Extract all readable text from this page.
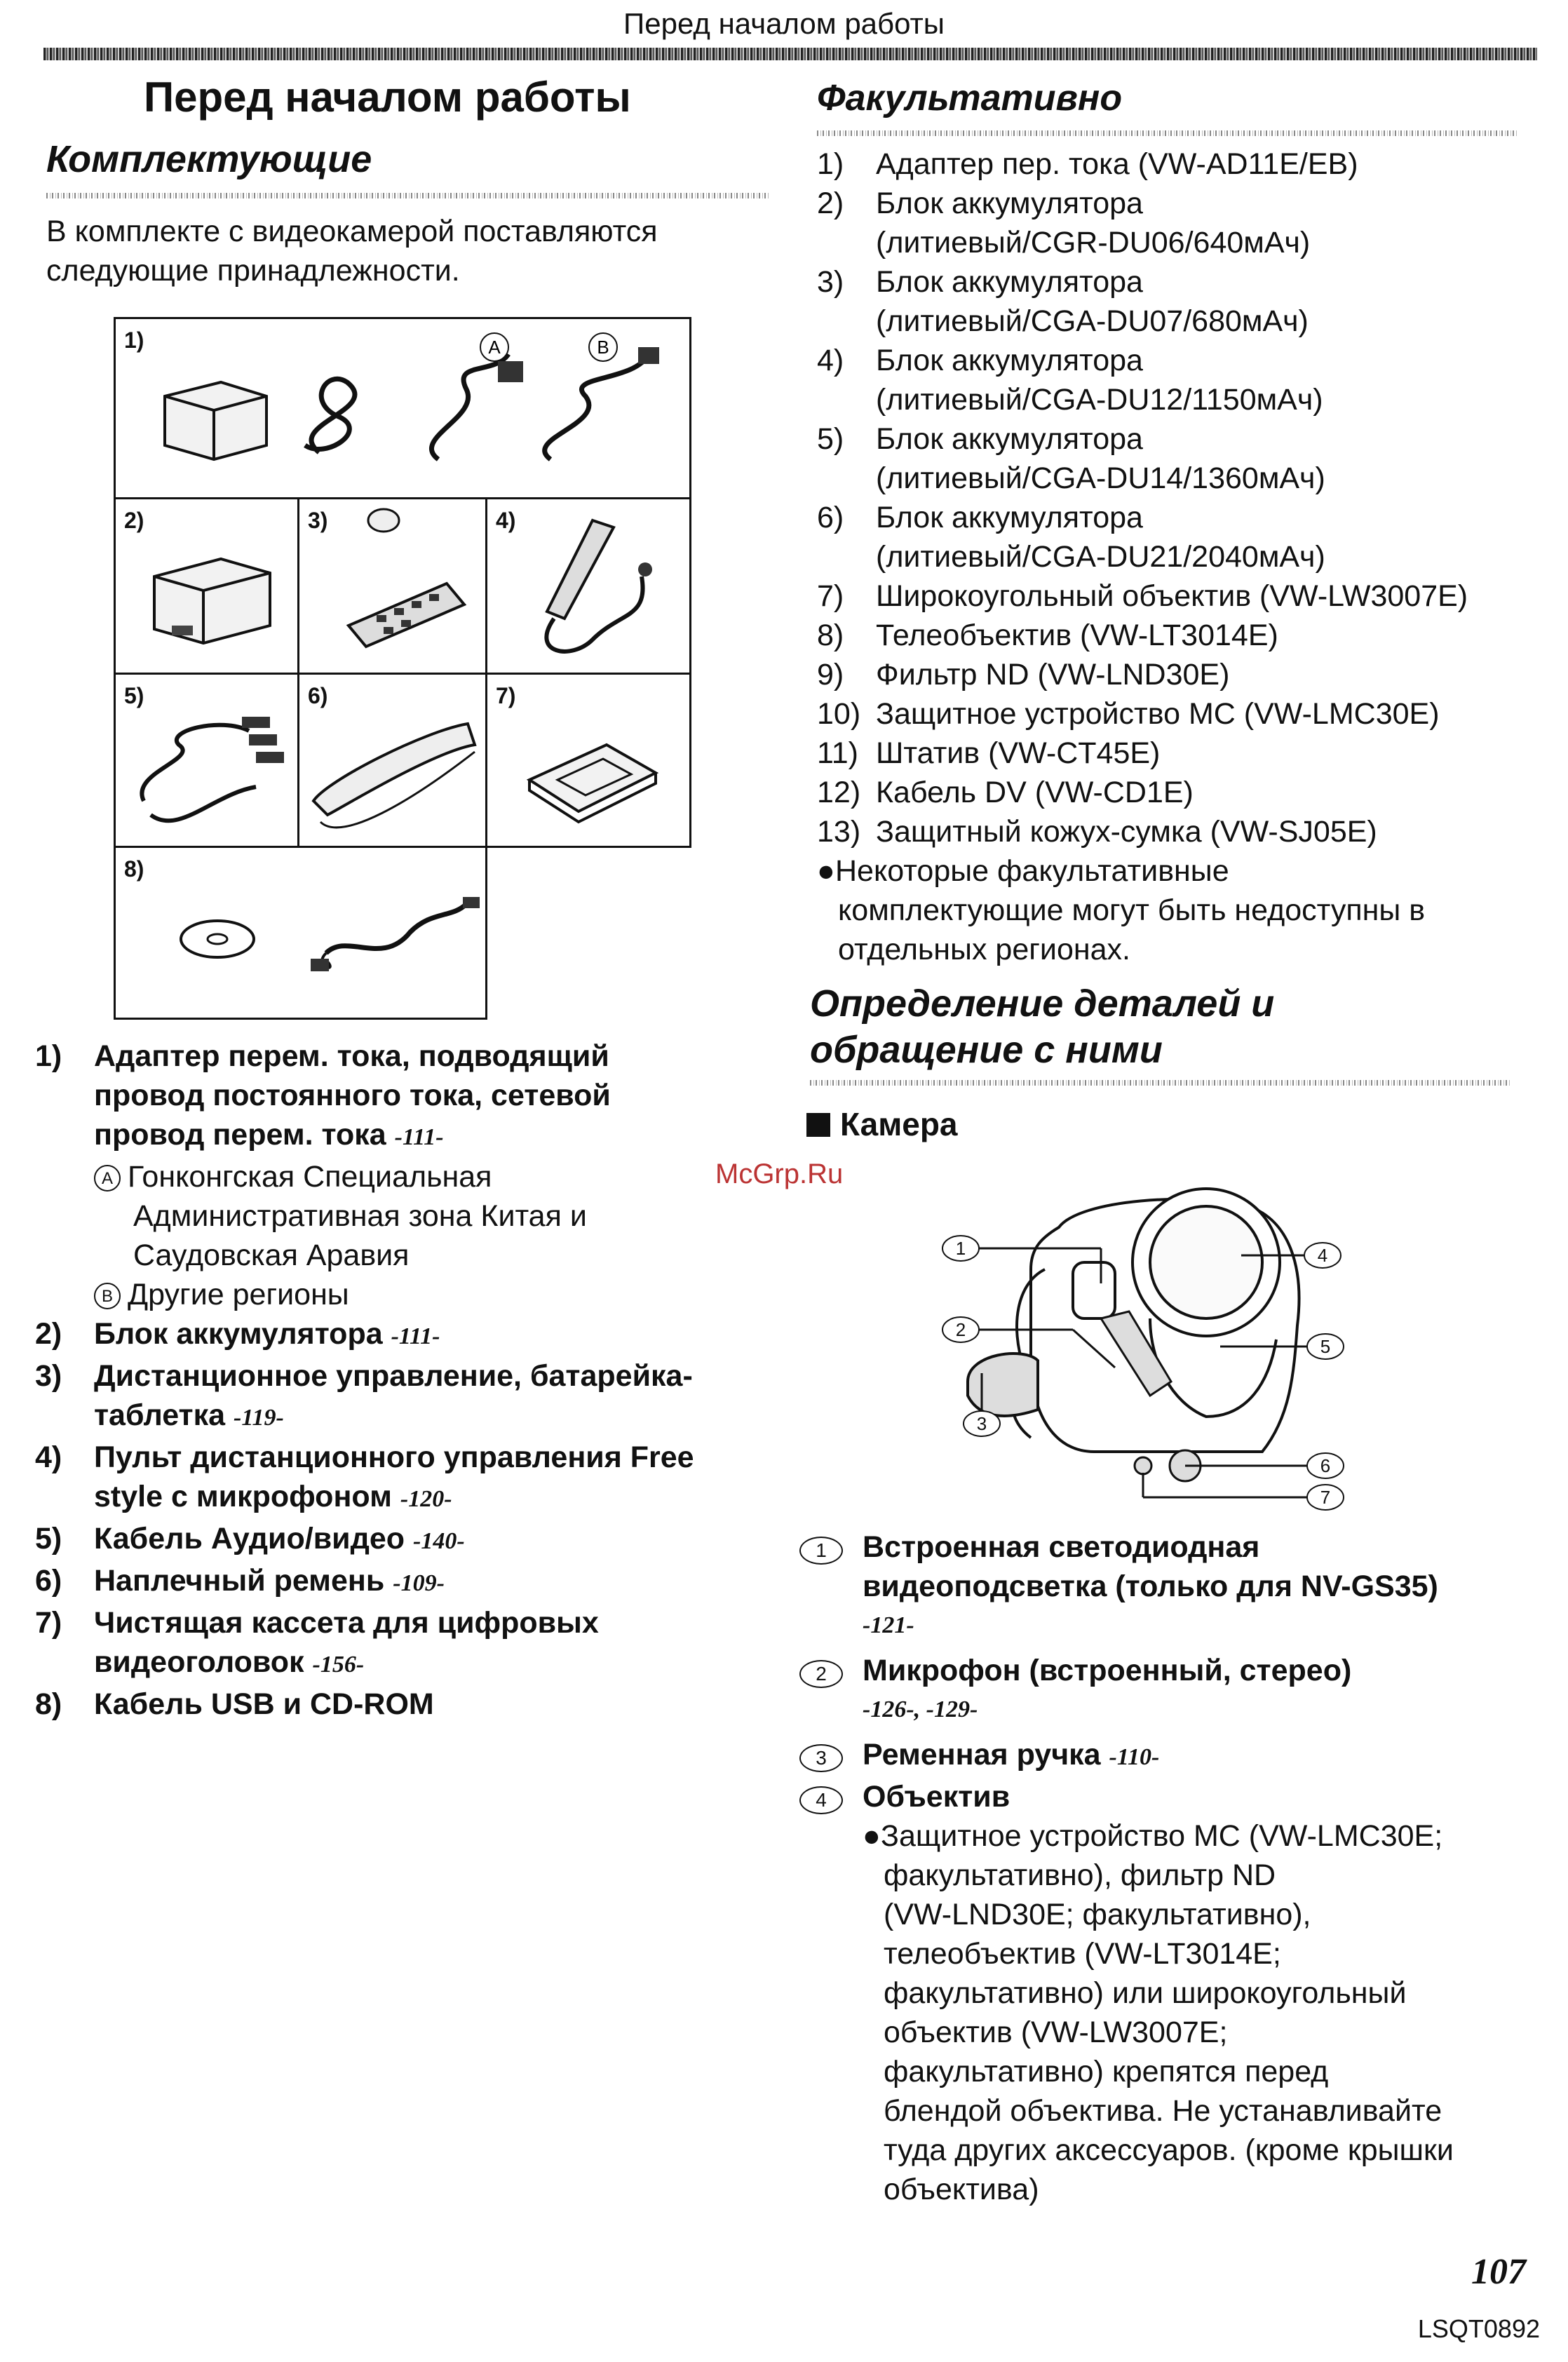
Перед началом работы
Перед началом работы
Комплектующие
В комплекте с видеокамерой поставляются
следующие принадлежности.
1)	A	B
2)	3)	4)
5)	6)	7)
8)
1)	Адаптер перем. тока, подводящий
провод постоянного тока, сетевой
провод перем. тока -111-
A Гонконгская Специальная
Административная зона Китая и
Саудовская Аравия
B Другие регионы
2)	Блок аккумулятора -111-
3)	Дистанционное управление, батарейка-
таблетка -119-
4)	Пульт дистанционного управления Free
style с микрофоном -120-
5)	Кабель Аудио/видео -140-
6)	Наплечный ремень -109-
7)	Чистящая кассета для цифровых
видеоголовок -156-
8)	Кабель USB и CD-ROM
Факультативно
1)	Адаптер пер. тока (VW-AD11E/EB)
2)	Блок аккумулятора
(литиевый/CGR-DU06/640мАч)
3)	Блок аккумулятора
(литиевый/CGA-DU07/680мАч)
4)	Блок аккумулятора
(литиевый/CGA-DU12/1150мАч)
5)	Блок аккумулятора
(литиевый/CGA-DU14/1360мАч)
6)	Блок аккумулятора
(литиевый/CGA-DU21/2040мАч)
7)	Широкоугольный объектив (VW-LW3007E)
8)	Телеобъектив (VW-LT3014E)
9)	Фильтр ND (VW-LND30E)
10) Защитное устройство MC (VW-LMC30E)
11) Штатив (VW-CT45E)
12) Кабель DV (VW-CD1E)
13) Защитный кожух-сумка (VW-SJ05E)
●Некоторые факультативные
комплектующие могут быть недоступны в
отдельных регионах.
Определение деталей и
обращение с ними
Камера
McGrp.Ru
1
2
3
4
5
6
7
1	Встроенная светодиодная
видеоподсветка (только для NV-GS35)
-121-
2	Микрофон (встроенный, стерео)
-126-, -129-
3	Ременная ручка -110-
4	Объектив
●Защитное устройство MC (VW-LMC30E;
факультативно), фильтр ND
(VW-LND30E; факультативно),
телеобъектив (VW-LT3014E;
факультативно) или широкоугольный
объектив (VW-LW3007E;
факультативно) крепятся перед
блендой объектива. Не устанавливайте
туда других аксессуаров. (кроме крышки
объектива)
107
LSQT0892
